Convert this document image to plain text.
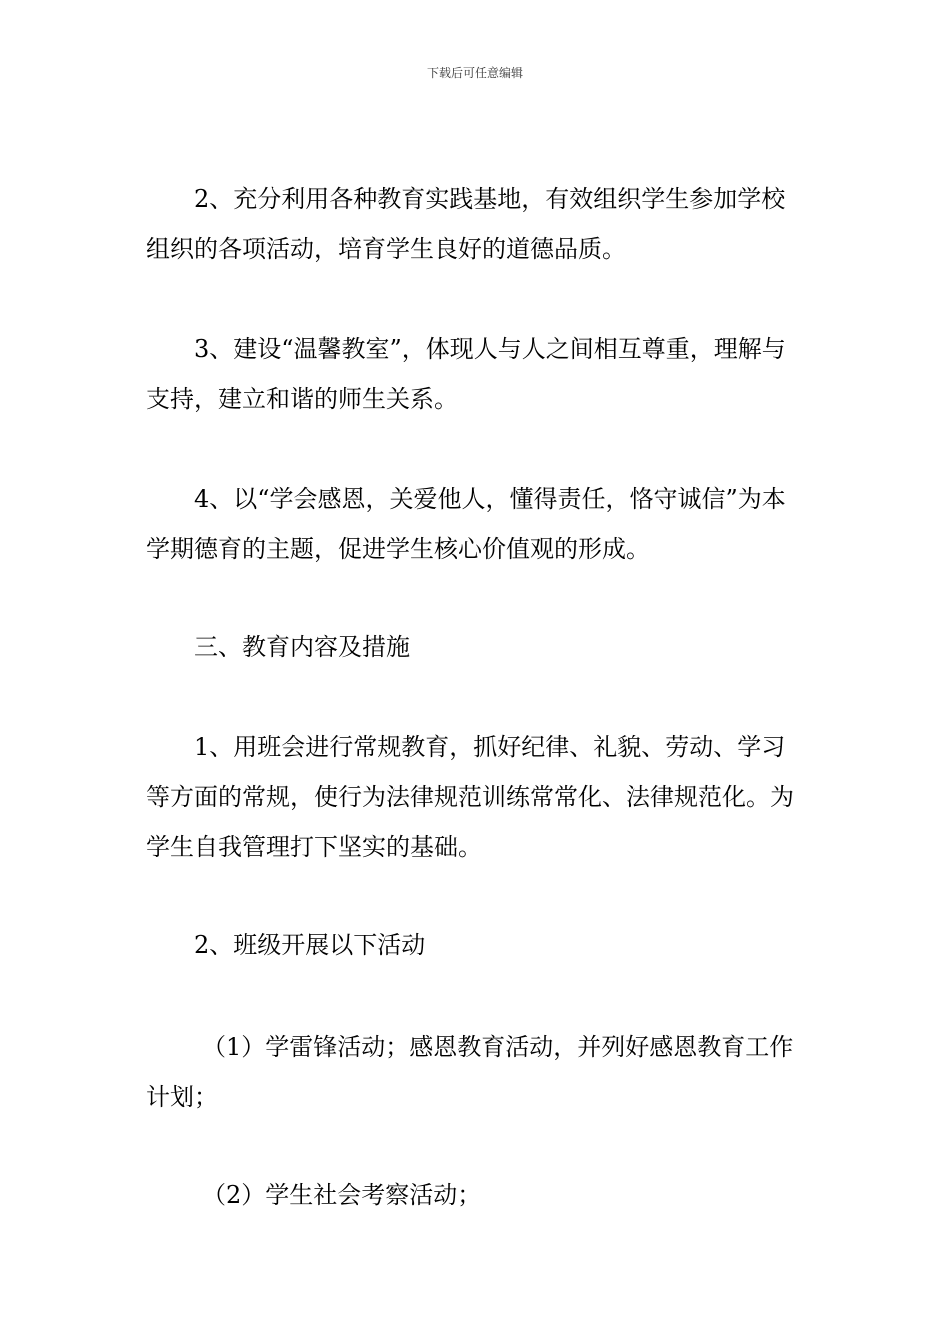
下载后可任意编辑

2、充分利用各种教育实践基地，有效组织学生参加学校组织的各项活动，培育学生良好的道德品质。

3、建设“温馨教室”，体现人与人之间相互尊重，理解与支持，建立和谐的师生关系。

4、以“学会感恩，关爱他人，懂得责任，恪守诚信”为本学期德育的主题，促进学生核心价值观的形成。

三、教育内容及措施

1、用班会进行常规教育，抓好纪律、礼貌、劳动、学习等方面的常规，使行为法律规范训练常常化、法律规范化。为学生自我管理打下坚实的基础。

2、班级开展以下活动

（1）学雷锋活动；感恩教育活动，并列好感恩教育工作计划；

（2）学生社会考察活动；
